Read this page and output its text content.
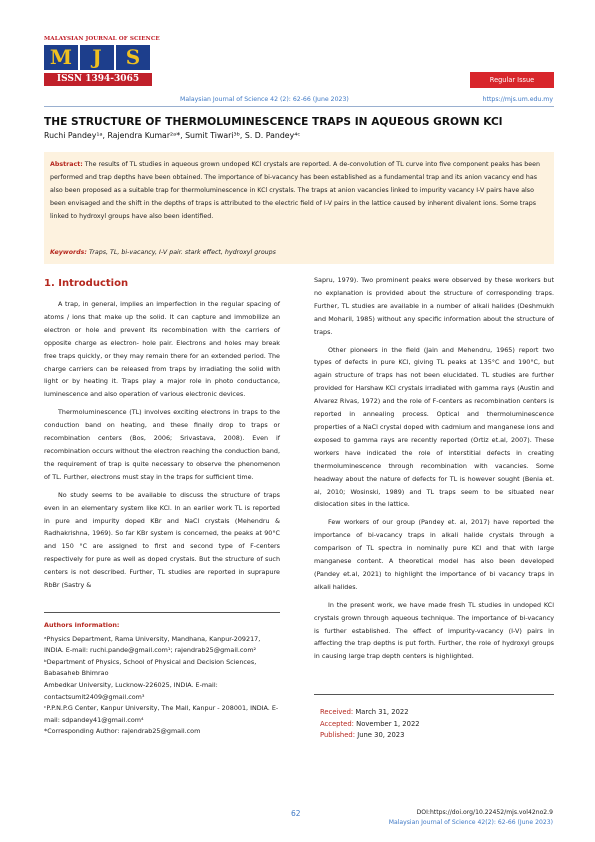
MALAYSIAN JOURNAL OF SCIENCE
M	J	S
ISSN 1394-3065	Regular Issue
Malaysian Journal of Science 42 (2): 62-66 (June 2023)	https://mjs.um.edu.my
THE STRUCTURE OF THERMOLUMINESCENCE TRAPS IN AQUEOUS GROWN KCl
Ruchi Pandey¹ᵃ, Rajendra Kumar²ᵃ*, Sumit Tiwari³ᵇ, S. D. Pandey⁴ᶜ
Abstract: The results of TL studies in aqueous grown undoped KCl crystals are reported. A de-convolution of TL curve into five component peaks has been performed and trap depths have been obtained. The importance of bi-vacancy has been established as a fundamental trap and its anion vacancy end has also been proposed as a suitable trap for thermoluminescence in KCl crystals. The traps at anion vacancies linked to impurity vacancy I-V pairs have also been envisaged and the shift in the depths of traps is attributed to the electric field of I-V pairs in the lattice caused by inherent divalent ions. Some traps linked to hydroxyl groups have also been identified.
Keywords: Traps, TL, bi-vacancy, I-V pair. stark effect, hydroxyl groups
1. Introduction

A trap, in general, implies an imperfection in the regular spacing of atoms / ions that make up the solid. It can capture and immobilize an electron or hole and prevent its recombination with the carriers of opposite charge as electron- hole pair. Electrons and holes may break free traps quickly, or they may remain there for an extended period. The charge carriers can be released from traps by irradiating the solid with light or by heating it. Traps play a major role in photo conductance, luminescence and also operation of various electronic devices.

Thermoluminescence (TL) involves exciting electrons in traps to the conduction band on heating, and these finally drop to traps or recombination centers (Bos, 2006; Srivastava, 2008). Even if recombination occurs without the electron reaching the conduction band, the requirement of trap is quite necessary to observe the phenomenon of TL. Further, electrons must stay in the traps for sufficient time.

No study seems to be available to discuss the structure of traps even in an elementary system like KCl. In an earlier work TL is reported in pure and impurity doped KBr and NaCl crystals (Mehendru & Radhakrishna, 1969). So far KBr system is concerned, the peaks at 90°C and 150 °C are assigned to first and second type of F-centers respectively for pure as well as doped crystals. But the structure of such centers is not described. Further, TL studies are reported in suprapure RbBr (Sastry &

Sapru, 1979). Two prominent peaks were observed by these workers but no explanation is provided about the structure of corresponding traps. Further, TL studies are available in a number of alkali halides (Deshmukh and Moharil, 1985) without any specific information about the structure of traps.

Other pioneers in the field (Jain and Mehendru, 1965) report two types of defects in pure KCl, giving TL peaks at 135°C and 190°C, but again structure of traps has not been elucidated. TL studies are further provided for Harshaw KCl crystals irradiated with gamma rays (Austin and Alvarez Rivas, 1972) and the role of F-centers as recombination centers is reported in annealing process. Optical and thermoluminescence properties of a NaCl crystal doped with cadmium and manganese ions and exposed to gamma rays are recently reported (Ortiz et.al, 2007). These workers have indicated the role of interstitial defects in creating thermoluminescence through recombination with vacancies. Some headway about the nature of defects for TL is however sought (Benia et. al, 2010; Wosinski, 1989) and TL traps seem to be situated near dislocation sites in the lattice.

Few workers of our group (Pandey et. al, 2017) have reported the importance of bi-vacancy traps in alkali halide crystals through a comparison of TL spectra in nominally pure KCl and that with large manganese content. A theoretical model has also been developed (Pandey et.al, 2021) to highlight the importance of bi vacancy traps in alkali halides.

In the present work, we have made fresh TL studies in undoped KCl crystals grown through aqueous technique. The importance of bi-vacancy is further established. The effect of impurity-vacancy (I-V) pairs in affecting the trap depths is put forth. Further, the role of hydroxyl groups in causing large trap depth centers is highlighted.

Authors information:
ᵃPhysics Department, Rama University, Mandhana, Kanpur-209217, INDIA. E-mail: ruchi.pande@gmail.com¹; rajendrab25@gmail.com²
ᵇDepartment of Physics, School of Physical and Decision Sciences, Babasaheb Bhimrao
Ambedkar University, Lucknow-226025, INDIA. E-mail: contactsumit2409@gmail.com³
ᶜP.P.N.P.G Center, Kanpur University, The Mall, Kanpur - 208001, INDIA. E-mail: sdpandey41@gmail.com⁴
*Corresponding Author: rajendrab25@gmail.com
Received: March 31, 2022
Accepted: November 1, 2022
Published: June 30, 2023
62	DOI:https://doi.org/10.22452/mjs.vol42no2.9
Malaysian Journal of Science 42(2): 62-66 (June 2023)
